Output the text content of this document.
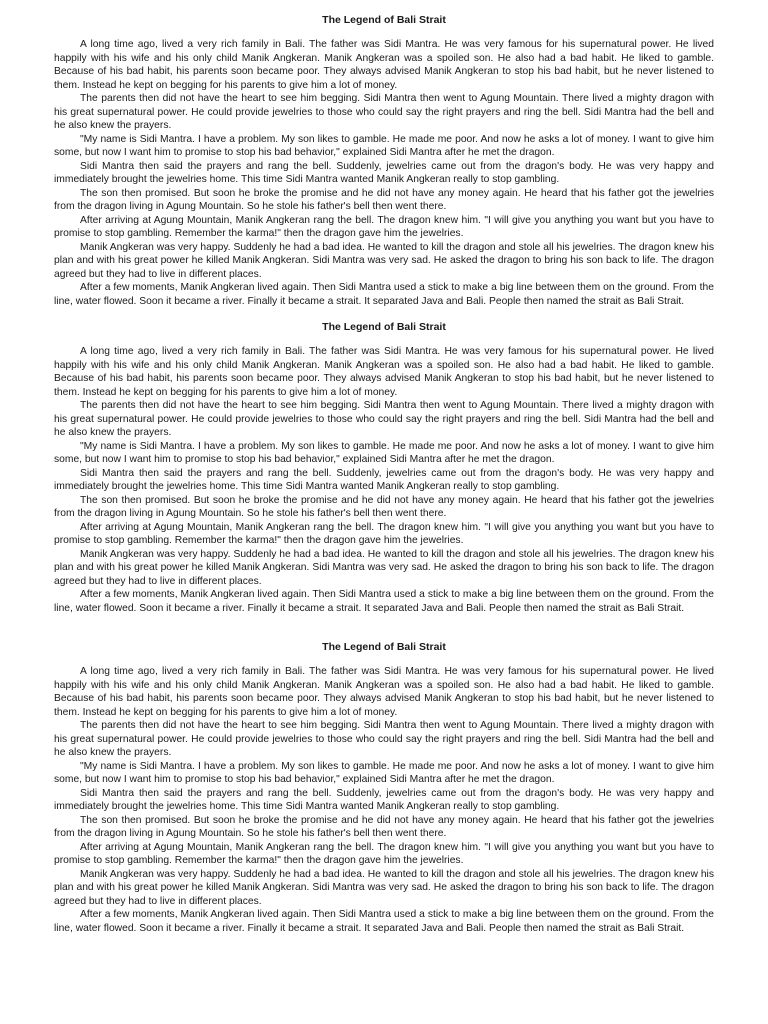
The Legend of Bali Strait

A long time ago, lived a very rich family in Bali. The father was Sidi Mantra. He was very famous for his supernatural power. He lived happily with his wife and his only child Manik Angkeran. Manik Angkeran was a spoiled son. He also had a bad habit. He liked to gamble. Because of his bad habit, his parents soon became poor. They always advised Manik Angkeran to stop his bad habit, but he never listened to them. Instead he kept on begging for his parents to give him a lot of money.

The parents then did not have the heart to see him begging. Sidi Mantra then went to Agung Mountain. There lived a mighty dragon with his great supernatural power. He could provide jewelries to those who could say the right prayers and ring the bell. Sidi Mantra had the bell and he also knew the prayers.

"My name is Sidi Mantra. I have a problem. My son likes to gamble. He made me poor. And now he asks a lot of money. I want to give him some, but now I want him to promise to stop his bad behavior," explained Sidi Mantra after he met the dragon.

Sidi Mantra then said the prayers and rang the bell. Suddenly, jewelries came out from the dragon's body. He was very happy and immediately brought the jewelries home. This time Sidi Mantra wanted Manik Angkeran really to stop gambling.

The son then promised. But soon he broke the promise and he did not have any money again. He heard that his father got the jewelries from the dragon living in Agung Mountain. So he stole his father's bell then went there.

After arriving at Agung Mountain, Manik Angkeran rang the bell. The dragon knew him. "I will give you anything you want but you have to promise to stop gambling. Remember the karma!" then the dragon gave him the jewelries.

Manik Angkeran was very happy. Suddenly he had a bad idea. He wanted to kill the dragon and stole all his jewelries. The dragon knew his plan and with his great power he killed Manik Angkeran. Sidi Mantra was very sad. He asked the dragon to bring his son back to life. The dragon agreed but they had to live in different places.

After a few moments, Manik Angkeran lived again. Then Sidi Mantra used a stick to make a big line between them on the ground. From the line, water flowed. Soon it became a river. Finally it became a strait. It separated Java and Bali. People then named the strait as Bali Strait.

The Legend of Bali Strait

A long time ago, lived a very rich family in Bali. The father was Sidi Mantra. He was very famous for his supernatural power. He lived happily with his wife and his only child Manik Angkeran. Manik Angkeran was a spoiled son. He also had a bad habit. He liked to gamble. Because of his bad habit, his parents soon became poor. They always advised Manik Angkeran to stop his bad habit, but he never listened to them. Instead he kept on begging for his parents to give him a lot of money.

The parents then did not have the heart to see him begging. Sidi Mantra then went to Agung Mountain. There lived a mighty dragon with his great supernatural power. He could provide jewelries to those who could say the right prayers and ring the bell. Sidi Mantra had the bell and he also knew the prayers.

"My name is Sidi Mantra. I have a problem. My son likes to gamble. He made me poor. And now he asks a lot of money. I want to give him some, but now I want him to promise to stop his bad behavior," explained Sidi Mantra after he met the dragon.

Sidi Mantra then said the prayers and rang the bell. Suddenly, jewelries came out from the dragon's body. He was very happy and immediately brought the jewelries home. This time Sidi Mantra wanted Manik Angkeran really to stop gambling.

The son then promised. But soon he broke the promise and he did not have any money again. He heard that his father got the jewelries from the dragon living in Agung Mountain. So he stole his father's bell then went there.

After arriving at Agung Mountain, Manik Angkeran rang the bell. The dragon knew him. "I will give you anything you want but you have to promise to stop gambling. Remember the karma!" then the dragon gave him the jewelries.

Manik Angkeran was very happy. Suddenly he had a bad idea. He wanted to kill the dragon and stole all his jewelries. The dragon knew his plan and with his great power he killed Manik Angkeran. Sidi Mantra was very sad. He asked the dragon to bring his son back to life. The dragon agreed but they had to live in different places.

After a few moments, Manik Angkeran lived again. Then Sidi Mantra used a stick to make a big line between them on the ground. From the line, water flowed. Soon it became a river. Finally it became a strait. It separated Java and Bali. People then named the strait as Bali Strait.

The Legend of Bali Strait

A long time ago, lived a very rich family in Bali. The father was Sidi Mantra. He was very famous for his supernatural power. He lived happily with his wife and his only child Manik Angkeran. Manik Angkeran was a spoiled son. He also had a bad habit. He liked to gamble. Because of his bad habit, his parents soon became poor. They always advised Manik Angkeran to stop his bad habit, but he never listened to them. Instead he kept on begging for his parents to give him a lot of money.

The parents then did not have the heart to see him begging. Sidi Mantra then went to Agung Mountain. There lived a mighty dragon with his great supernatural power. He could provide jewelries to those who could say the right prayers and ring the bell. Sidi Mantra had the bell and he also knew the prayers.

"My name is Sidi Mantra. I have a problem. My son likes to gamble. He made me poor. And now he asks a lot of money. I want to give him some, but now I want him to promise to stop his bad behavior," explained Sidi Mantra after he met the dragon.

Sidi Mantra then said the prayers and rang the bell. Suddenly, jewelries came out from the dragon's body. He was very happy and immediately brought the jewelries home. This time Sidi Mantra wanted Manik Angkeran really to stop gambling.

The son then promised. But soon he broke the promise and he did not have any money again. He heard that his father got the jewelries from the dragon living in Agung Mountain. So he stole his father's bell then went there.

After arriving at Agung Mountain, Manik Angkeran rang the bell. The dragon knew him. "I will give you anything you want but you have to promise to stop gambling. Remember the karma!" then the dragon gave him the jewelries.

Manik Angkeran was very happy. Suddenly he had a bad idea. He wanted to kill the dragon and stole all his jewelries. The dragon knew his plan and with his great power he killed Manik Angkeran. Sidi Mantra was very sad. He asked the dragon to bring his son back to life. The dragon agreed but they had to live in different places.

After a few moments, Manik Angkeran lived again. Then Sidi Mantra used a stick to make a big line between them on the ground. From the line, water flowed. Soon it became a river. Finally it became a strait. It separated Java and Bali. People then named the strait as Bali Strait.
